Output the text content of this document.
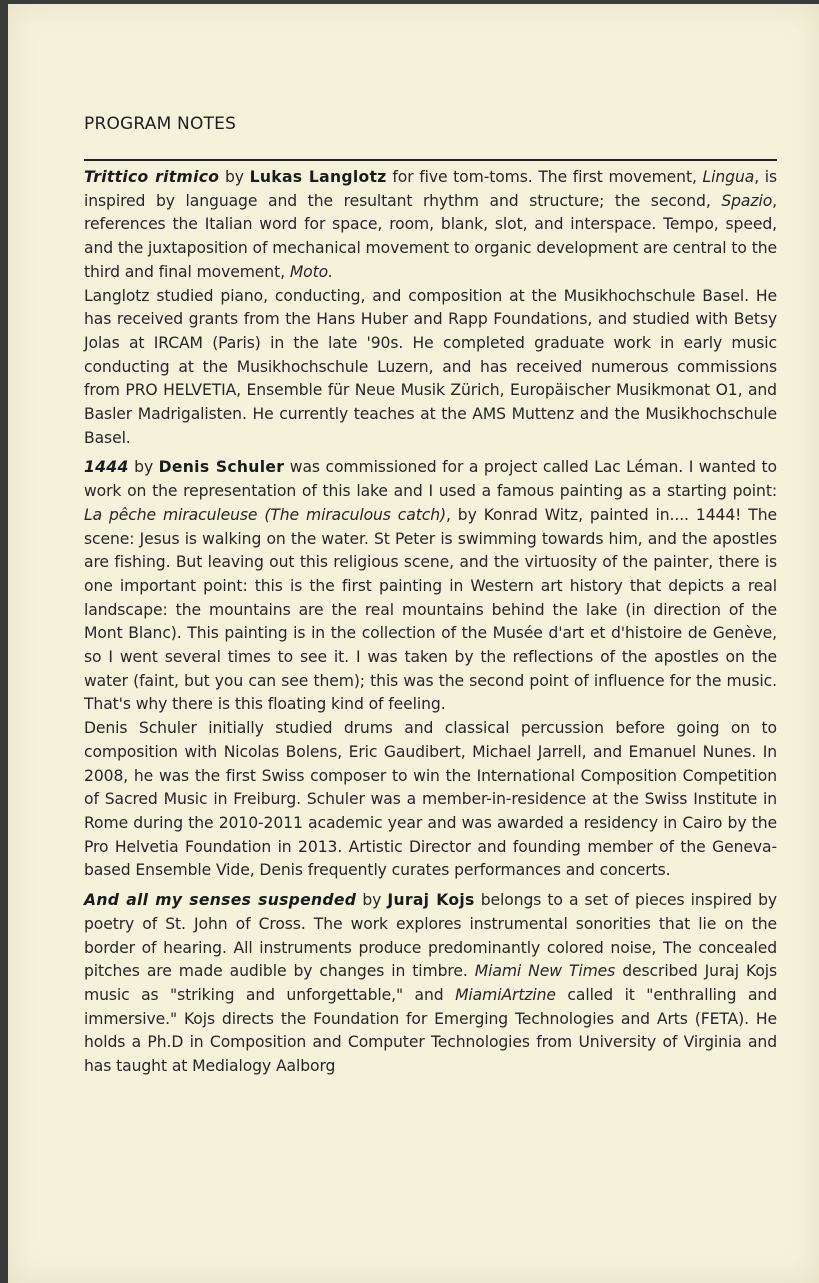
PROGRAM NOTES

Trittico ritmico by Lukas Langlotz for five tom-toms. The first movement, Lingua, is inspired by language and the resultant rhythm and structure; the second, Spazio, references the Italian word for space, room, blank, slot, and interspace. Tempo, speed, and the juxtaposition of mechanical movement to organic development are central to the third and final movement, Moto.

Langlotz studied piano, conducting, and composition at the Musikhochschule Basel. He has received grants from the Hans Huber and Rapp Foundations, and studied with Betsy Jolas at IRCAM (Paris) in the late '90s. He completed graduate work in early music conducting at the Musikhochschule Luzern, and has received numerous commissions from PRO HELVETIA, Ensemble für Neue Musik Zürich, Europäischer Musikmonat O1, and Basler Madrigalisten. He currently teaches at the AMS Muttenz and the Musikhochschule Basel.

1444 by Denis Schuler was commissioned for a project called Lac Léman. I wanted to work on the representation of this lake and I used a famous painting as a starting point: La pêche miraculeuse (The miraculous catch), by Konrad Witz, painted in.... 1444! The scene: Jesus is walking on the water. St Peter is swimming towards him, and the apostles are fishing. But leaving out this religious scene, and the virtuosity of the painter, there is one important point: this is the first painting in Western art history that depicts a real landscape: the mountains are the real mountains behind the lake (in direction of the Mont Blanc). This painting is in the collection of the Musée d'art et d'histoire de Genève, so I went several times to see it. I was taken by the reflections of the apostles on the water (faint, but you can see them); this was the second point of influence for the music. That's why there is this floating kind of feeling.

Denis Schuler initially studied drums and classical percussion before going on to composition with Nicolas Bolens, Eric Gaudibert, Michael Jarrell, and Emanuel Nunes. In 2008, he was the first Swiss composer to win the International Composition Competition of Sacred Music in Freiburg. Schuler was a member-in-residence at the Swiss Institute in Rome during the 2010-2011 academic year and was awarded a residency in Cairo by the Pro Helvetia Foundation in 2013. Artistic Director and founding member of the Geneva-based Ensemble Vide, Denis frequently curates performances and concerts.

And all my senses suspended by Juraj Kojs belongs to a set of pieces inspired by poetry of St. John of Cross. The work explores instrumental sonorities that lie on the border of hearing. All instruments produce predominantly colored noise, The concealed pitches are made audible by changes in timbre. Miami New Times described Juraj Kojs music as "striking and unforgettable," and MiamiArtzine called it "enthralling and immersive." Kojs directs the Foundation for Emerging Technologies and Arts (FETA). He holds a Ph.D in Composition and Computer Technologies from University of Virginia and has taught at Medialogy Aalborg
